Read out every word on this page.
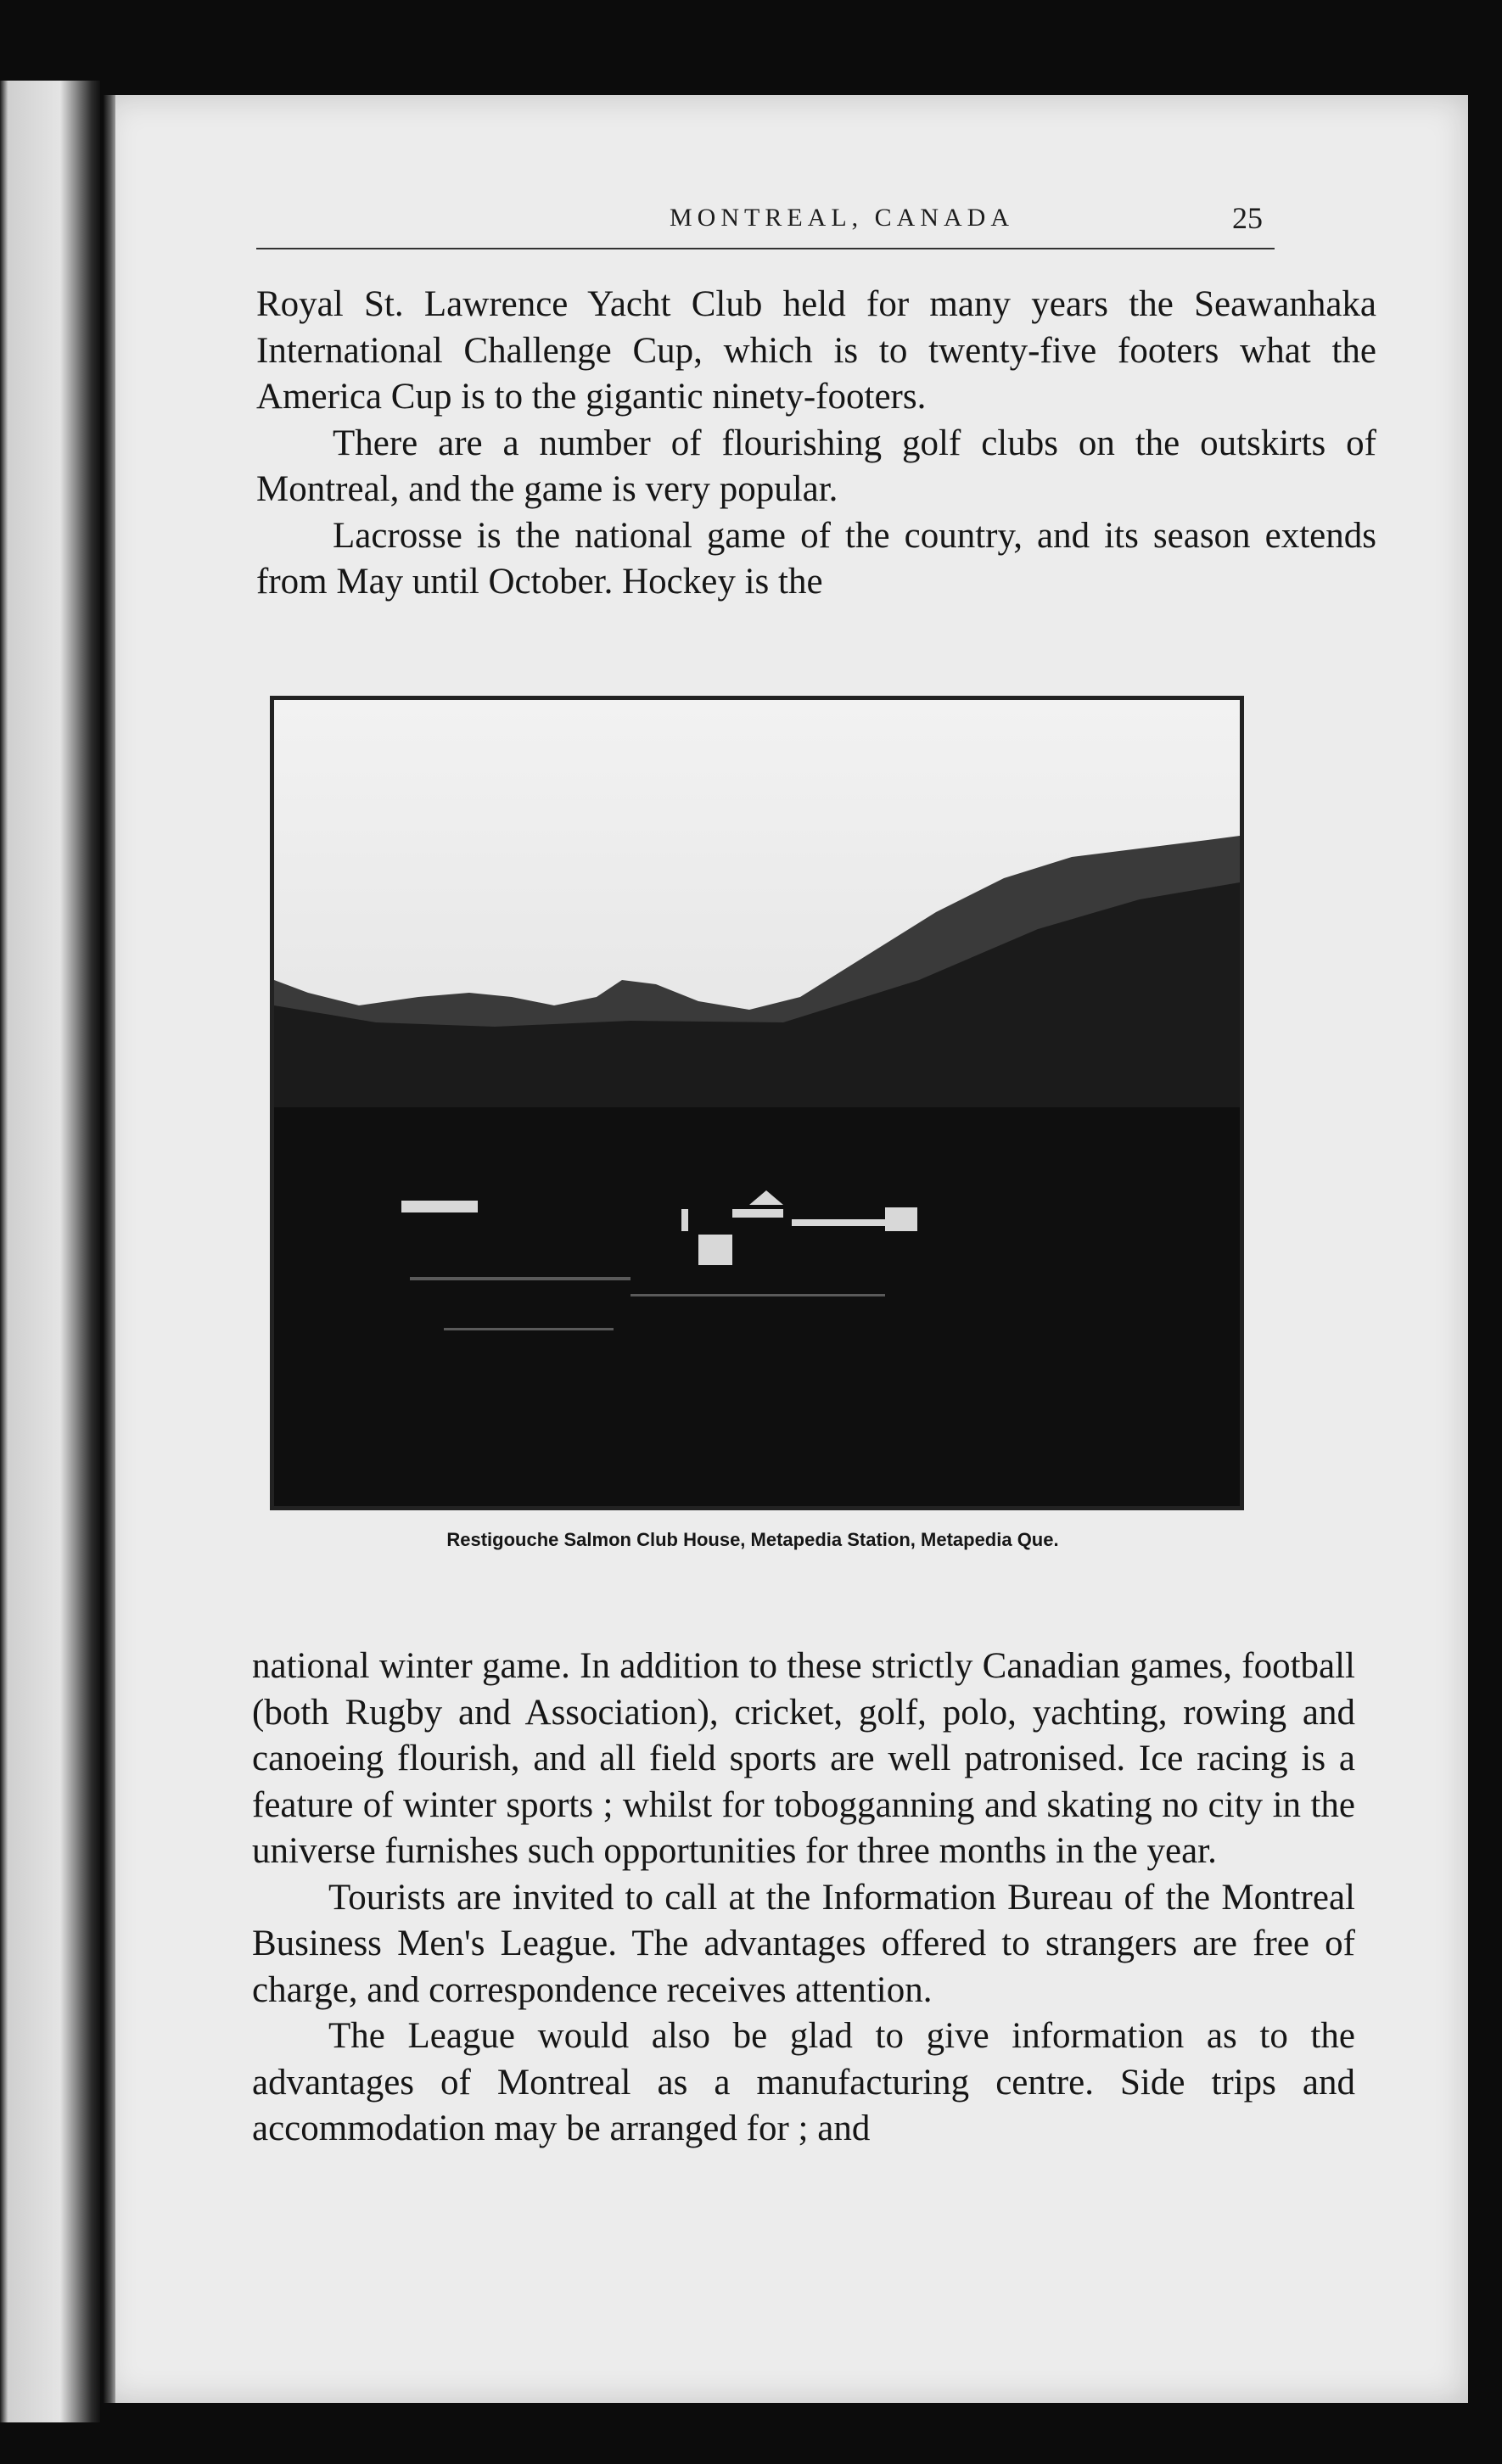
MONTREAL, CANADA	25

Royal St. Lawrence Yacht Club held for many years the Seawanhaka International Challenge Cup, which is to twenty-five footers what the America Cup is to the gigantic ninety-footers.

There are a number of flourishing golf clubs on the outskirts of Montreal, and the game is very popular.

Lacrosse is the national game of the country, and its season extends from May until October. Hockey is the

Restigouche Salmon Club House, Metapedia Station, Metapedia Que.

national winter game. In addition to these strictly Canadian games, football (both Rugby and Association), cricket, golf, polo, yachting, rowing and canoeing flourish, and all field sports are well patronised. Ice racing is a feature of winter sports ; whilst for tobogganning and skating no city in the universe furnishes such opportunities for three months in the year.

Tourists are invited to call at the Information Bureau of the Montreal Business Men's League. The advantages offered to strangers are free of charge, and correspondence receives attention.

The League would also be glad to give information as to the advantages of Montreal as a manufacturing centre. Side trips and accommodation may be arranged for ; and
